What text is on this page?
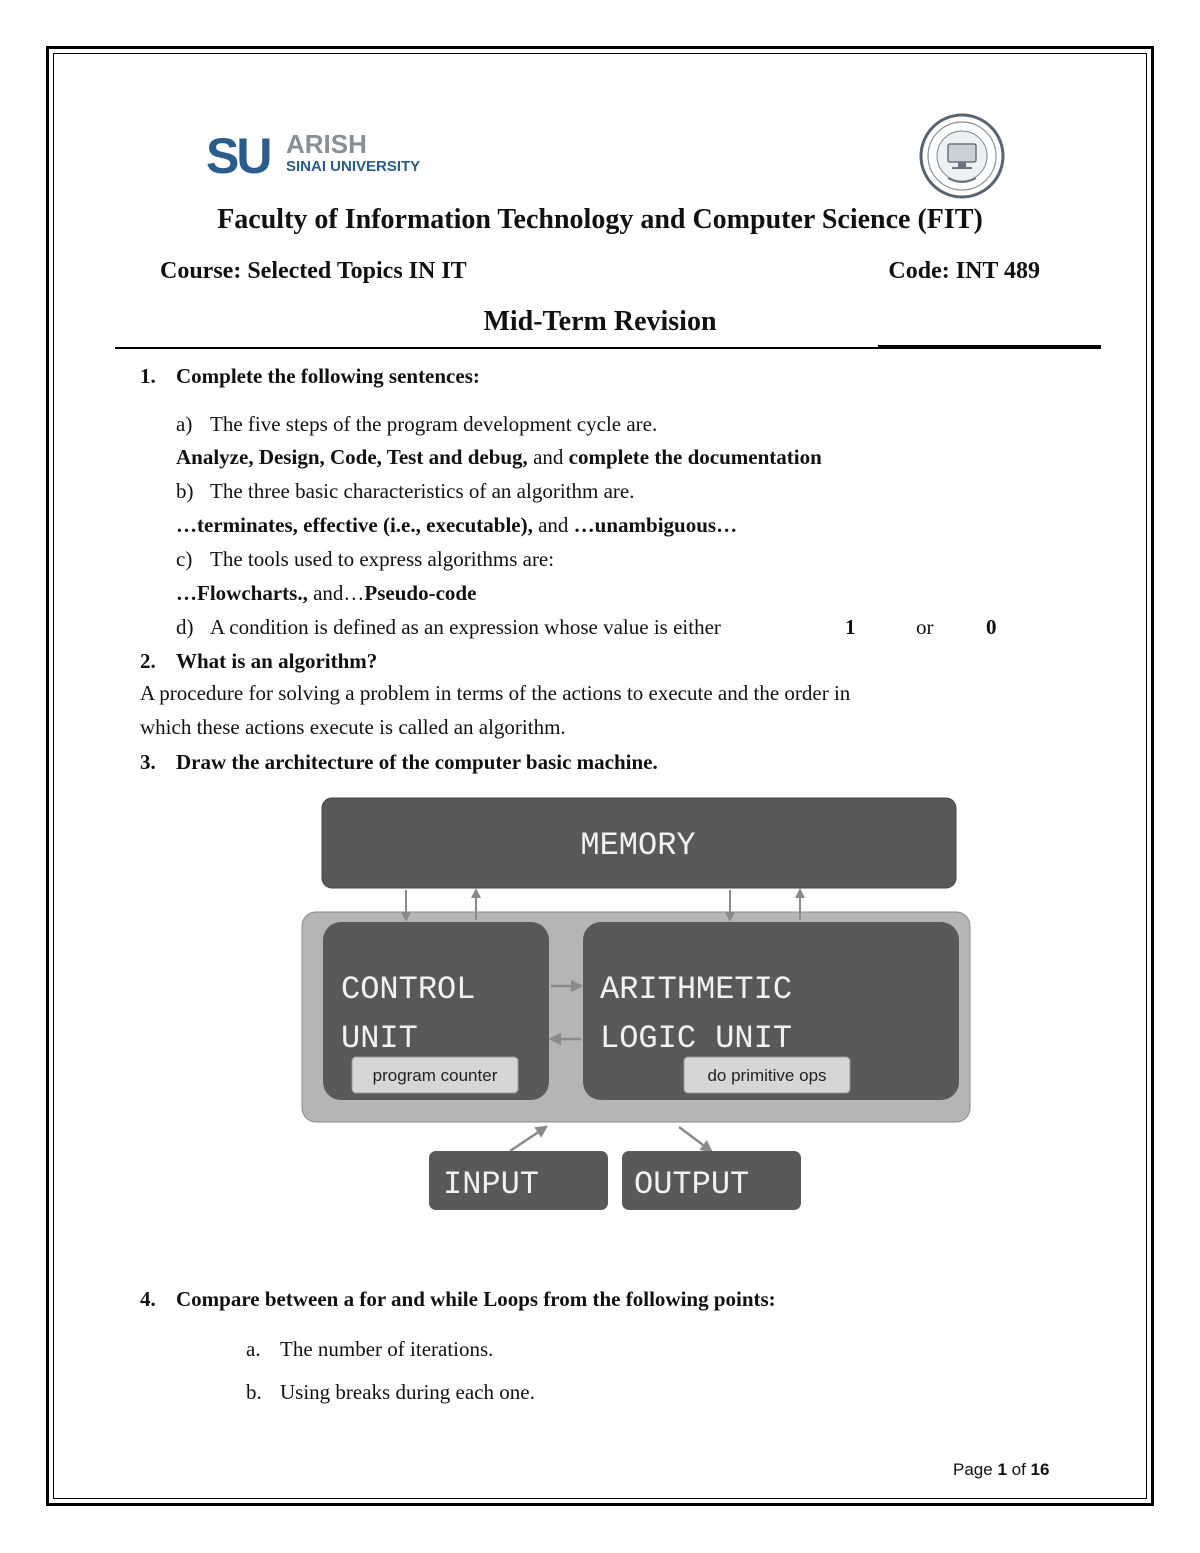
SU ARISH
SINAI UNIVERSITY
Faculty of Information Technology and Computer Science (FIT)
Course: Selected Topics IN IT	Code: INT 489
Mid-Term Revision
1. Complete the following sentences:
a) The five steps of the program development cycle are.
Analyze, Design, Code, Test and debug, and complete the documentation
b) The three basic characteristics of an algorithm are.
…terminates, effective (i.e., executable), and …unambiguous…
c) The tools used to express algorithms are:
…Flowcharts., and…Pseudo-code
d) A condition is defined as an expression whose value is either	1	or	0
2. What is an algorithm?
A procedure for solving a problem in terms of the actions to execute and the order in
which these actions execute is called an algorithm.
3. Draw the architecture of the computer basic machine.
MEMORY
CONTROL
UNIT
program counter
ARITHMETIC
LOGIC UNIT
do primitive ops
INPUT	OUTPUT
4. Compare between a for and while Loops from the following points:
a. The number of iterations.
b. Using breaks during each one.
Page 1 of 16
